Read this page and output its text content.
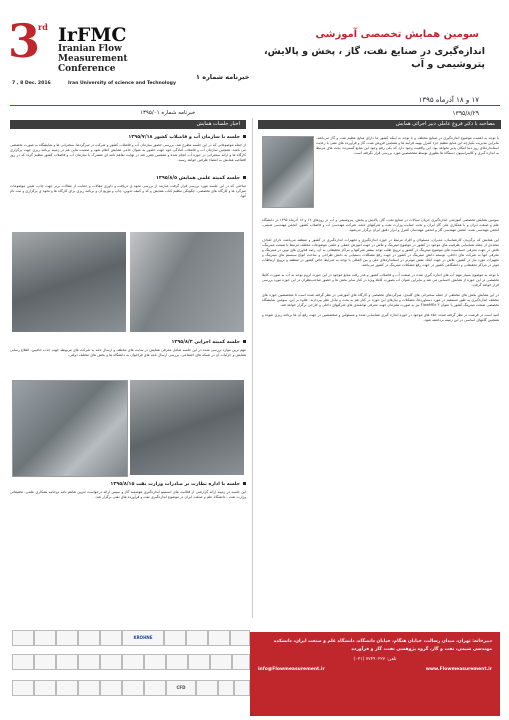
3
rd IrFMC
Iranian Flow
Measurement
Conference
7 , 8 Dec. 2016	Iran University of science and Technology
سومین همایش تخصصی آموزشی
اندازه‌گیری در صنایع نفت، گاز ، پخش و پالایش، پتروشیمی و آب
خبرنامه شماره ۱
۱۷ و ۱۸ آذرماه ۱۳۹۵
۱۳۹۵/۸/۲۹
خبرنامه شماره ۱۳۹۵/۰۱
مصاحبه با دکتر فروغ عاملی دبیر اجرائی همایش

با توجه به اهمیت موضوع اندازه‌گیری در صنایع مختلف و با توجه به اینکه کشور ما دارای منابع عظیم نفت و گاز می‌باشد، بنابراین مدیریت یکپارچه این منابع عظیم جزء کنترل بهینه فرآیند ها و همچنین فروش نفت، گاز و فرآورده های نفتی با رعایت استانداردهای روز دنیا امکان پذیر نخواهد بود. این واقعیت وجود دارد که یکی رقم وجود این منابع گسترده، بحث های مرتبط به اندازه گیری و کالیبراسیون دستگاه ها بطوری توسط متخصصین مورد بررسی قرار نگرفته است.

سومین همایش تخصصی آموزشی اندازه‌گیری جریان سیالات در صنایع نفت، گاز، پالایش و پخش، پتروشیمی و آب در روزهای ۱۷ و ۱۸ آذرماه ۱۳۹۵ در دانشگاه علم و صنعت ایران و با همکاری ملی گاز ایران و تحت حمایت وزارت نفت و شرکتهای تابعه، شرکت مهندسی آب و فاضلاب کشور، انجمن مهندسی شیمی، انجمن مهندسی نفت، انجمن مهندسی گاز و انجمن مهندسان کنترل و ابزار دقیق ایران برگزار می‌شود.

این همایش که برگزیدن کارشناسان، مدیران، مسئولان و افراد مرتبط در حوزه اندازه‌گیری و تجهیزات اندازه‌گیری در کشور و منطقه می‌باشد، دارای اهداف متعددی از جمله شناسایی ظرفیت های موجود در کشور در موضوع میترینگ و تلاش در جهت آموزش عمقی و علمی موضوعات مختلف مرتبط با صنعت میترینگ، تلاش در جهت معرفی حساسیت های موضوع میترینگ در کشور و ترویج طلب توجه بیشتر شرکتها و مراکز تحقیقاتی به آن، رصد فناوری های نوین در میترینگ و معرفی آنها به شرکت های داخلی، توسعه دانش میترینگ در کشور در جهت رفع مشکلات دستیابی به دانش طراحی و ساخت انواع سیستم های میترینگ و تجهیزات مورد نیاز در کشور، تلاش در جهت ایجاد نقش موثرتر در استانداردهای ملی و بین المللی با توجه به شرایط خاص کشور در منطقه و ترویج ارتباطات موثر در مراکز تحقیقاتی و دانشگاهی کشور در جهت رفع مشکلات میترینگ در کشور می‌باشد.

با توجه به موضوع بسیار مهم آب های اندازه گیری شده در صنعت آب و فاضلاب کشور و هدر رفت منابع موجود در این حوزه، لزوم توجه به آب به صورت کاملا تخصصی در این حوزه از همایش احساس می شد و بنابراین عنوان آب بصورت کاملا ویژه در کنار سایر بخش ها و حضور صاحب‌نظران در این حوزه مورد بررسی قرار خواهد گرفت.

در این همایش بخش های مختلفی از جمله سخنرانی های کلیدی، میزگردهای تخصصی و کارگاه های آموزشی در نظر گرفته شده است تا متخصصین حوزه های مختلف اندازه‌گیری به طور مستقیم در مورد دستاوردها، مشکلات و نیازهای این حوزه در کنار هم به بحث و تبادل نظر بپردازند. علاوه بر این، سومین نمایشگاه تخصصی صنعت میترینگ کشور با عنوان FlowMEx ۳ نیز به صورت همزمان جهت معرفی توانمندی های شرکتهای داخلی و خارجی برگزار خواهد شد.

امید است در فرصت در نظر گرفته شده، خلاء های موجود در حوزه اندازه گیری شناسایی شده و مسئولین و متخصصین در جهت رفع آن ها برنامه ریزی نموده و همچنین گامهای اساسی در این زمینه برداشته شود.

اخبار جلسات همایش
جلسه با سازمان آب و فاضلاب کشور ۱۳۹۵/۷/۱۸

از جمله موضوعاتی که در این جلسه مطرح شد، بررسی حضور سازمان آب و فاضلاب کشور و شرکت در میزگردها، سخنرانی ها و نمایشگاه به صورت تخصصی می باشد. همچنین سازمان آب و فاضلاب آمادگی خود جهت حضور به عنوان حامی همایش اعلام نمود و صحبت هایی هم در زمینه برنامه ریزی جهت برگزاری کارگاه ها و ارائه سخنرانی در حوزه آب انجام شده و همچنین مقرر شد در نهایت تفاهم نامه ای مشترک با سازمان آب و فاضلاب کشور تنظیم گردد که در روز افتتاحیه همایش به امضاء طرفین خواهد رسید.

جلسه کمیته علمی همایش ۱۳۹۵/۸/۵

مباحثی که در این جلسه مورد بررسی قرار گرفت عبارتند از بررسی نحوه ی دریافت و داوری مقالات و حمایت از مقالات برتر جهت چاپ، تعیین موضوعات میزگرد ها و کارگاه های تخصصی، چگونگی تنظیم کتاب همایش و کد و کنیف تدوین، چاپ و توزیع آن و برنامه ریزی برای کارگاه ها و نحوه ی برگزاری و ثبت نام آنها.

جلسه کمیته اجرایی ۱۳۹۵/۸/۳

مهم ترین موارد بررسی شده در این جلسه شامل معرفی همایش در سایت های مختلف و ارسال نامه به شرکت های مربوطه جهت جذب حامیین، اطلاع رسانی همایش و جزئیات آن در شبکه های اجتماعی، بررسی ارسال نامه های فراخوان به دانشگاه ها و بخش های مختلف دولتی.

جلسه با اداره نظارت بر صادرات وزارت نفت ۱۳۹۵/۸/۱۵

این جلسه در زمینه ارائه گزارشی از فعالیت های انستیتو اندازه‌گیری هوشمند گاز و سپس ارائه درخواست تدوین تفاهم نامه دوجانبه همکاری علمی- تحقیقاتی وزارت نفت - دانشگاه علم و صنعت ایران در موضوع اندازه‌گیری نفت و فرآورده های نفتی برگزار شد.

KROHNE
CFD
دبیرخانه: تهران، میدان رسالت، خیابان هنگام، خیابان دانشگاه، دانشگاه علم و صنعت ایران، دانشکده مهندسی شیمی، نفت و گاز، گروه پژوهشی نفت، گاز و فرآورده
تلفن: ۷۷۴۹۰۲۲۷ (۰۲۱)
info@Flowmeasurement.ir	www.Flowmeasurement.ir
2
